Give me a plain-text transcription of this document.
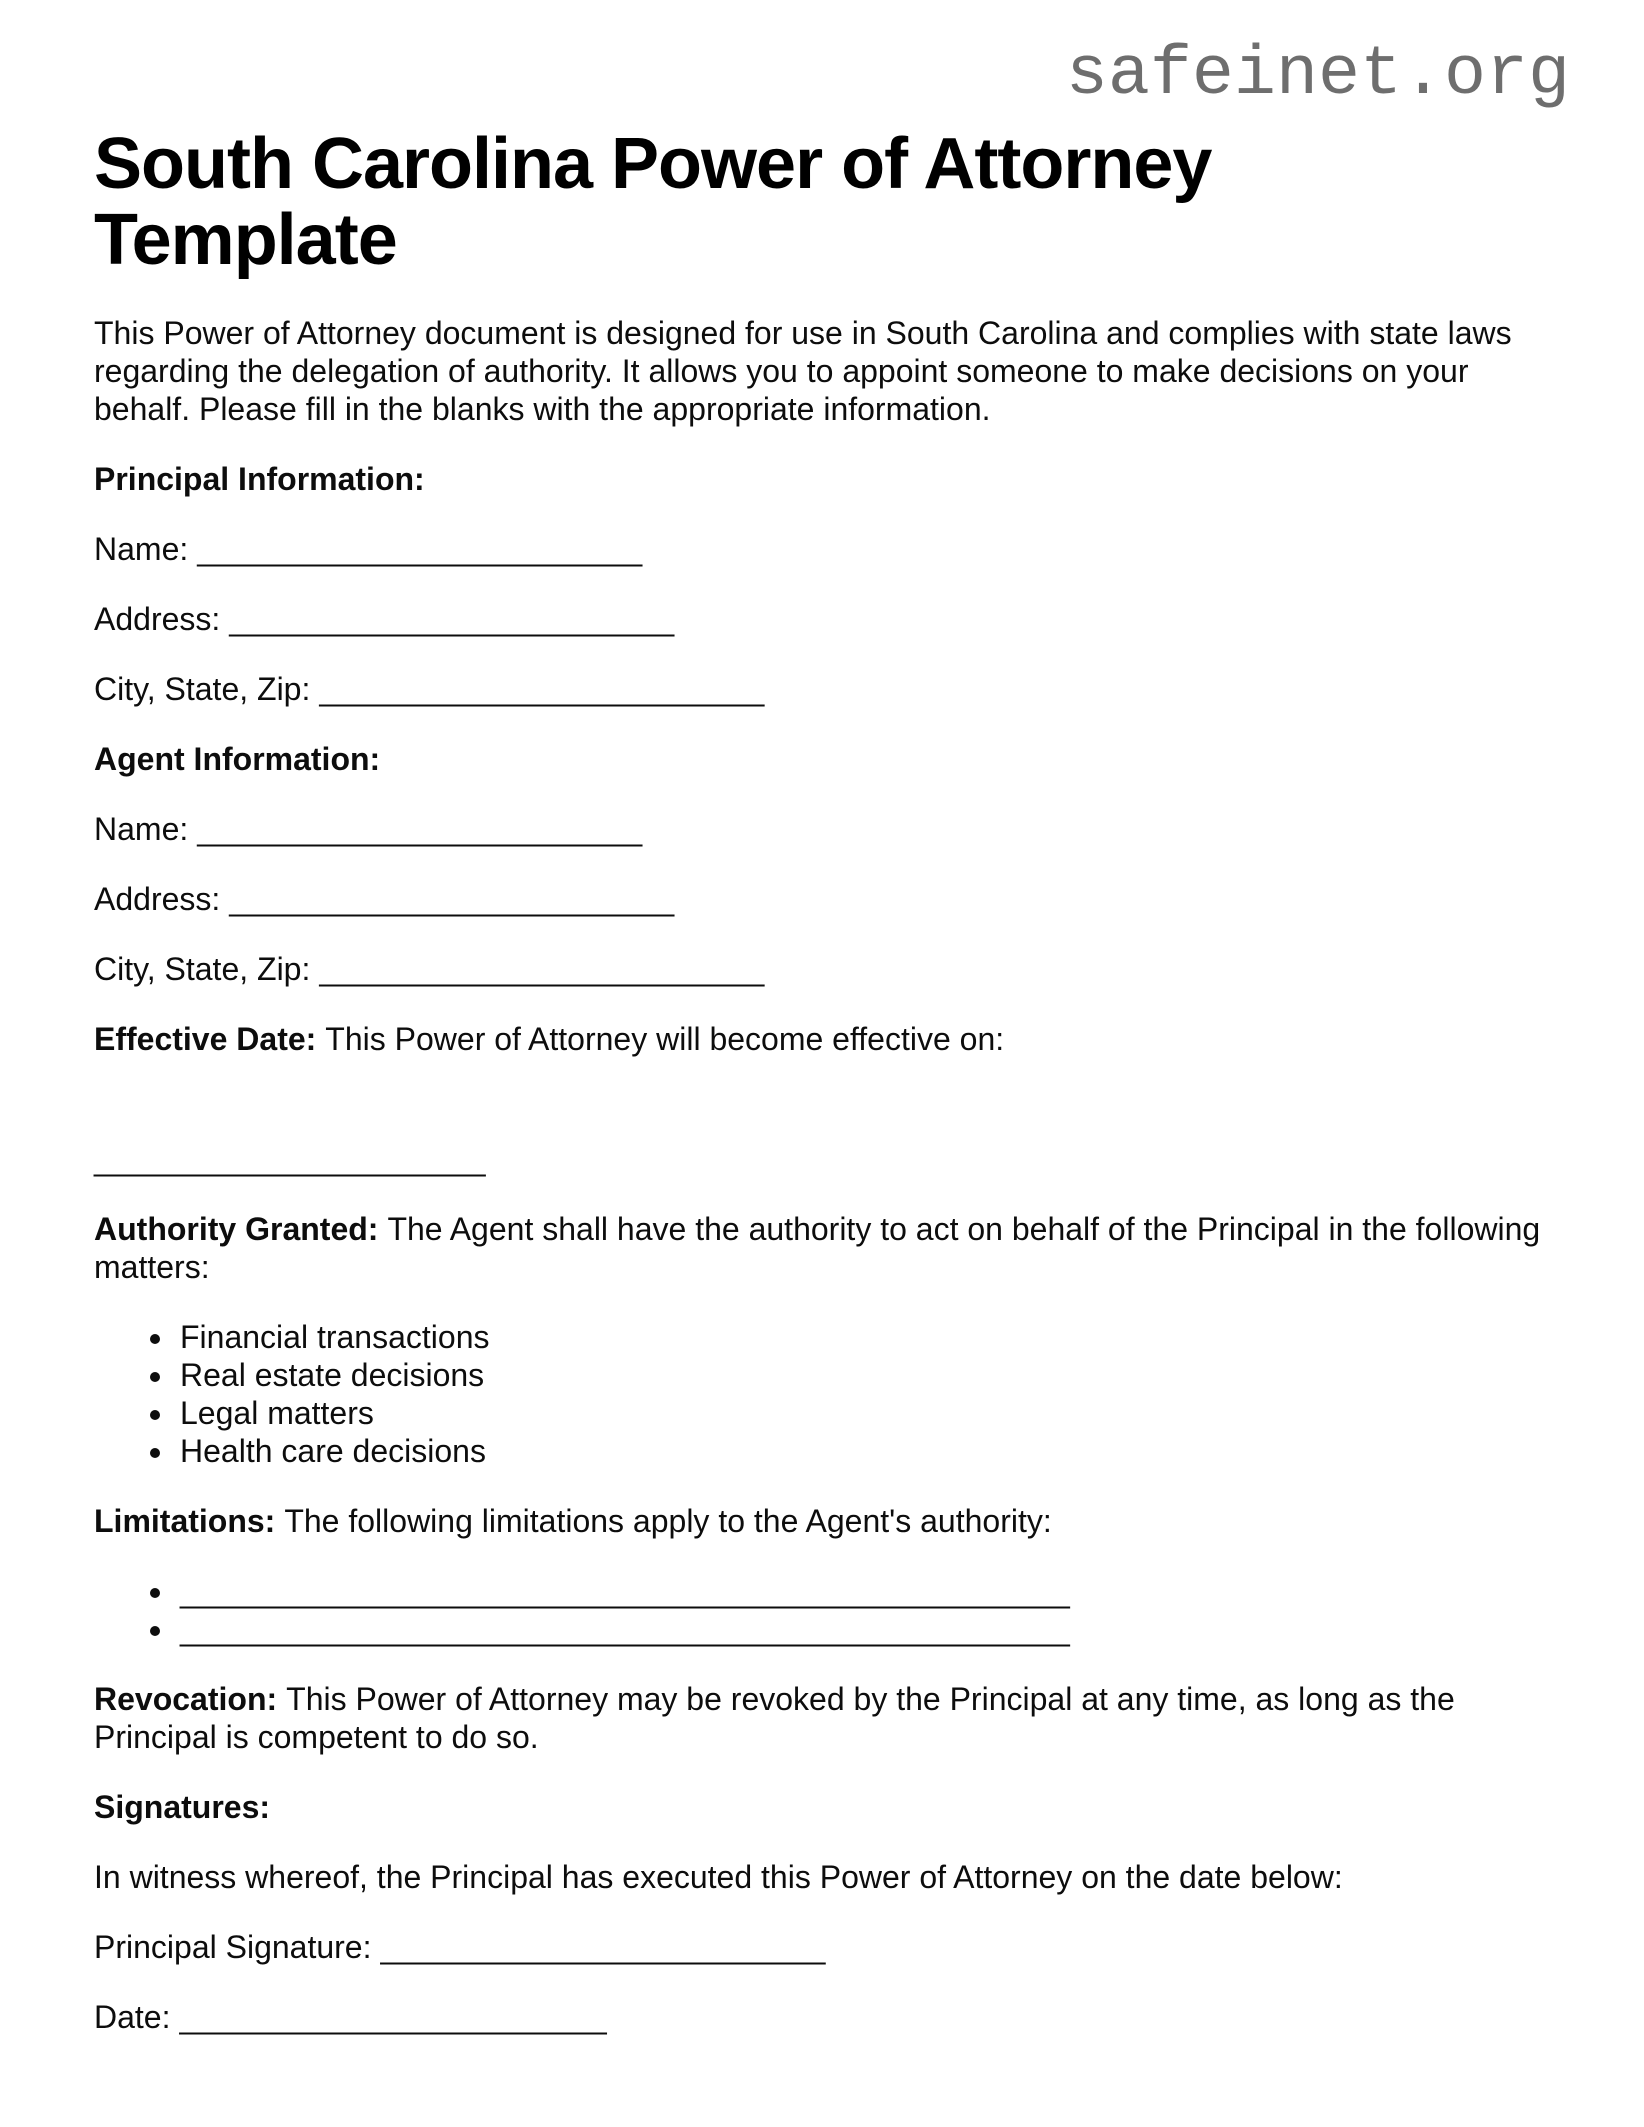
safeinet.org
South Carolina Power of Attorney Template

This Power of Attorney document is designed for use in South Carolina and complies with state laws regarding the delegation of authority. It allows you to appoint someone to make decisions on your behalf. Please fill in the blanks with the appropriate information.

Principal Information:

Name: _________________________

Address: _________________________

City, State, Zip: _________________________

Agent Information:

Name: _________________________

Address: _________________________

City, State, Zip: _________________________

Effective Date: This Power of Attorney will become effective on:

______________________

Authority Granted: The Agent shall have the authority to act on behalf of the Principal in the following matters:

• Financial transactions
• Real estate decisions
• Legal matters
• Health care decisions

Limitations: The following limitations apply to the Agent's authority:

• __________________________________________________
• __________________________________________________

Revocation: This Power of Attorney may be revoked by the Principal at any time, as long as the Principal is competent to do so.

Signatures:

In witness whereof, the Principal has executed this Power of Attorney on the date below:

Principal Signature: _________________________

Date: ________________________
